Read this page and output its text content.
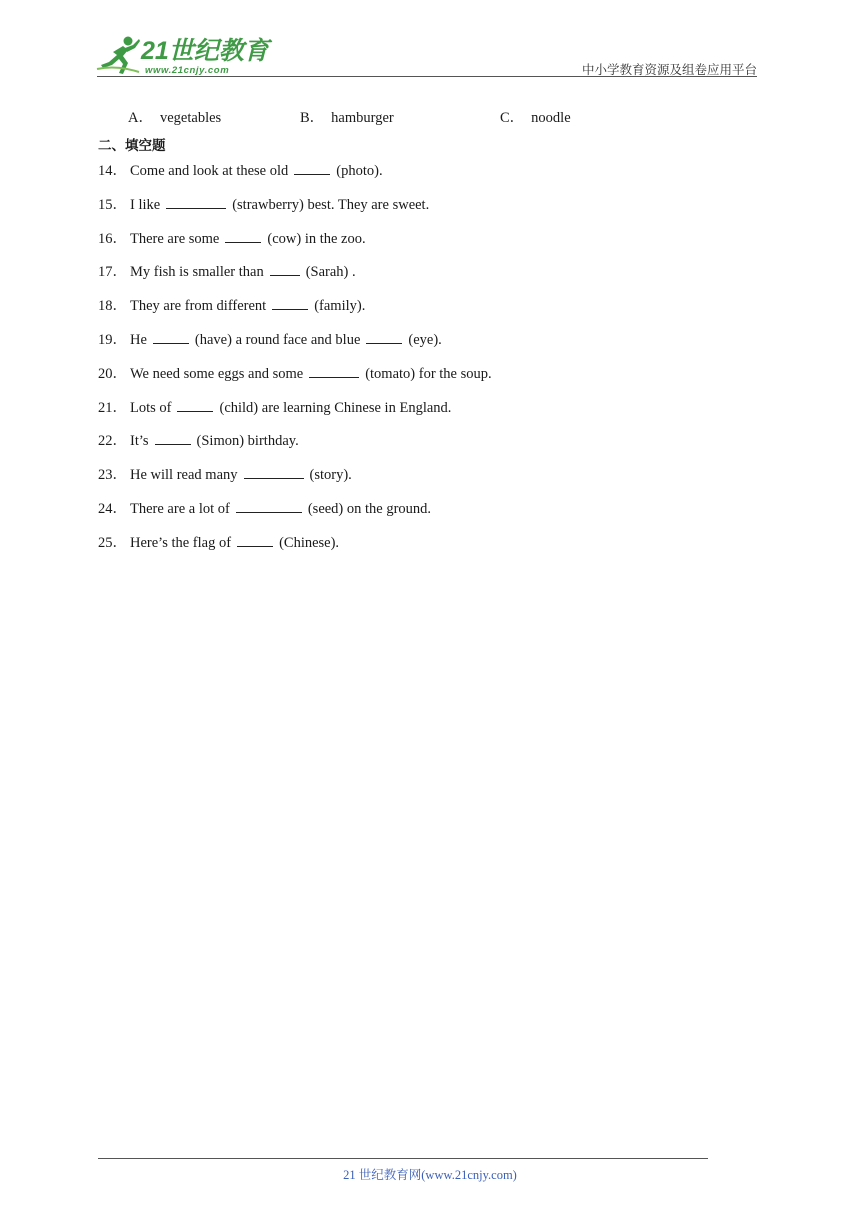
21世纪教育
www.21cnjy.com	中小学教育资源及组卷应用平台
A． vegetables	B． hamburger	C． noodle
二、填空题
14． Come and look at these old	(photo).
15． I like	(strawberry) best. They are sweet.
16． There are some	(cow) in the zoo.
17． My fish is smaller than	(Sarah) .
18． They are from different	(family).
19． He	(have) a round face and blue	(eye).
20． We need some eggs and some	(tomato) for the soup.
21． Lots of	(child) are learning Chinese in England.
22． It’s	(Simon) birthday.
23． He will read many	(story).
24． There are a lot of	(seed) on the ground.
25． Here’s the flag of	(Chinese).
21 世纪教育网(www.21cnjy.com)
